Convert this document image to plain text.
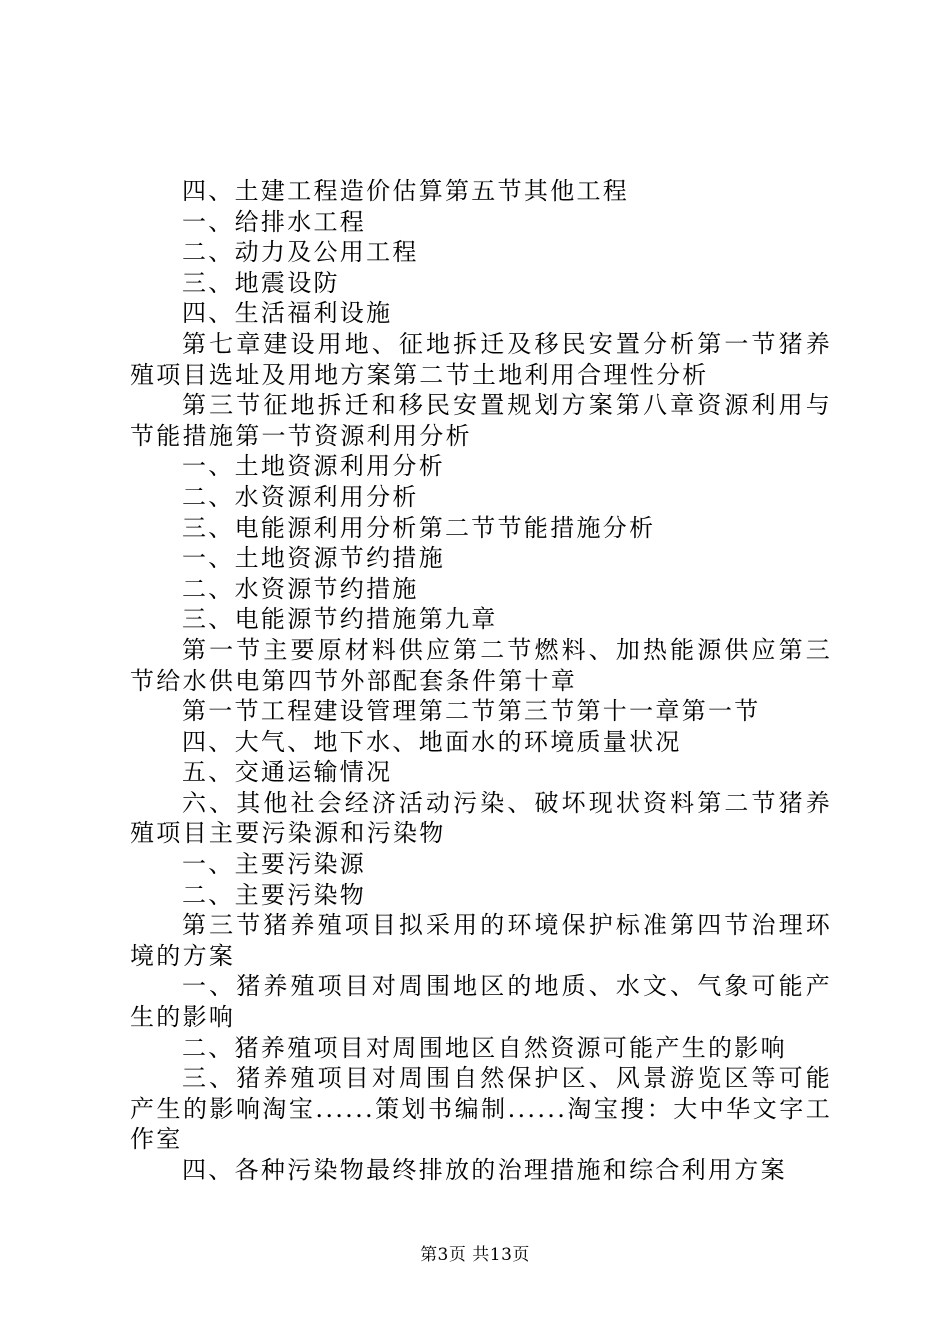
四、土建工程造价估算第五节其他工程

一、给排水工程

二、动力及公用工程

三、地震设防

四、生活福利设施

第七章建设用地、征地拆迁及移民安置分析第一节猪养殖项目选址及用地方案第二节土地利用合理性分析

第三节征地拆迁和移民安置规划方案第八章资源利用与节能措施第一节资源利用分析

一、土地资源利用分析

二、水资源利用分析

三、电能源利用分析第二节节能措施分析

一、土地资源节约措施

二、水资源节约措施

三、电能源节约措施第九章

第一节主要原材料供应第二节燃料、加热能源供应第三节给水供电第四节外部配套条件第十章

第一节工程建设管理第二节第三节第十一章第一节

四、大气、地下水、地面水的环境质量状况

五、交通运输情况

六、其他社会经济活动污染、破坏现状资料第二节猪养殖项目主要污染源和污染物

一、主要污染源

二、主要污染物

第三节猪养殖项目拟采用的环境保护标准第四节治理环境的方案

一、猪养殖项目对周围地区的地质、水文、气象可能产生的影响

二、猪养殖项目对周围地区自然资源可能产生的影响

三、猪养殖项目对周围自然保护区、风景游览区等可能产生的影响淘宝......策划书编制......淘宝搜：大中华文字工作室

四、各种污染物最终排放的治理措施和综合利用方案

第3页 共13页
